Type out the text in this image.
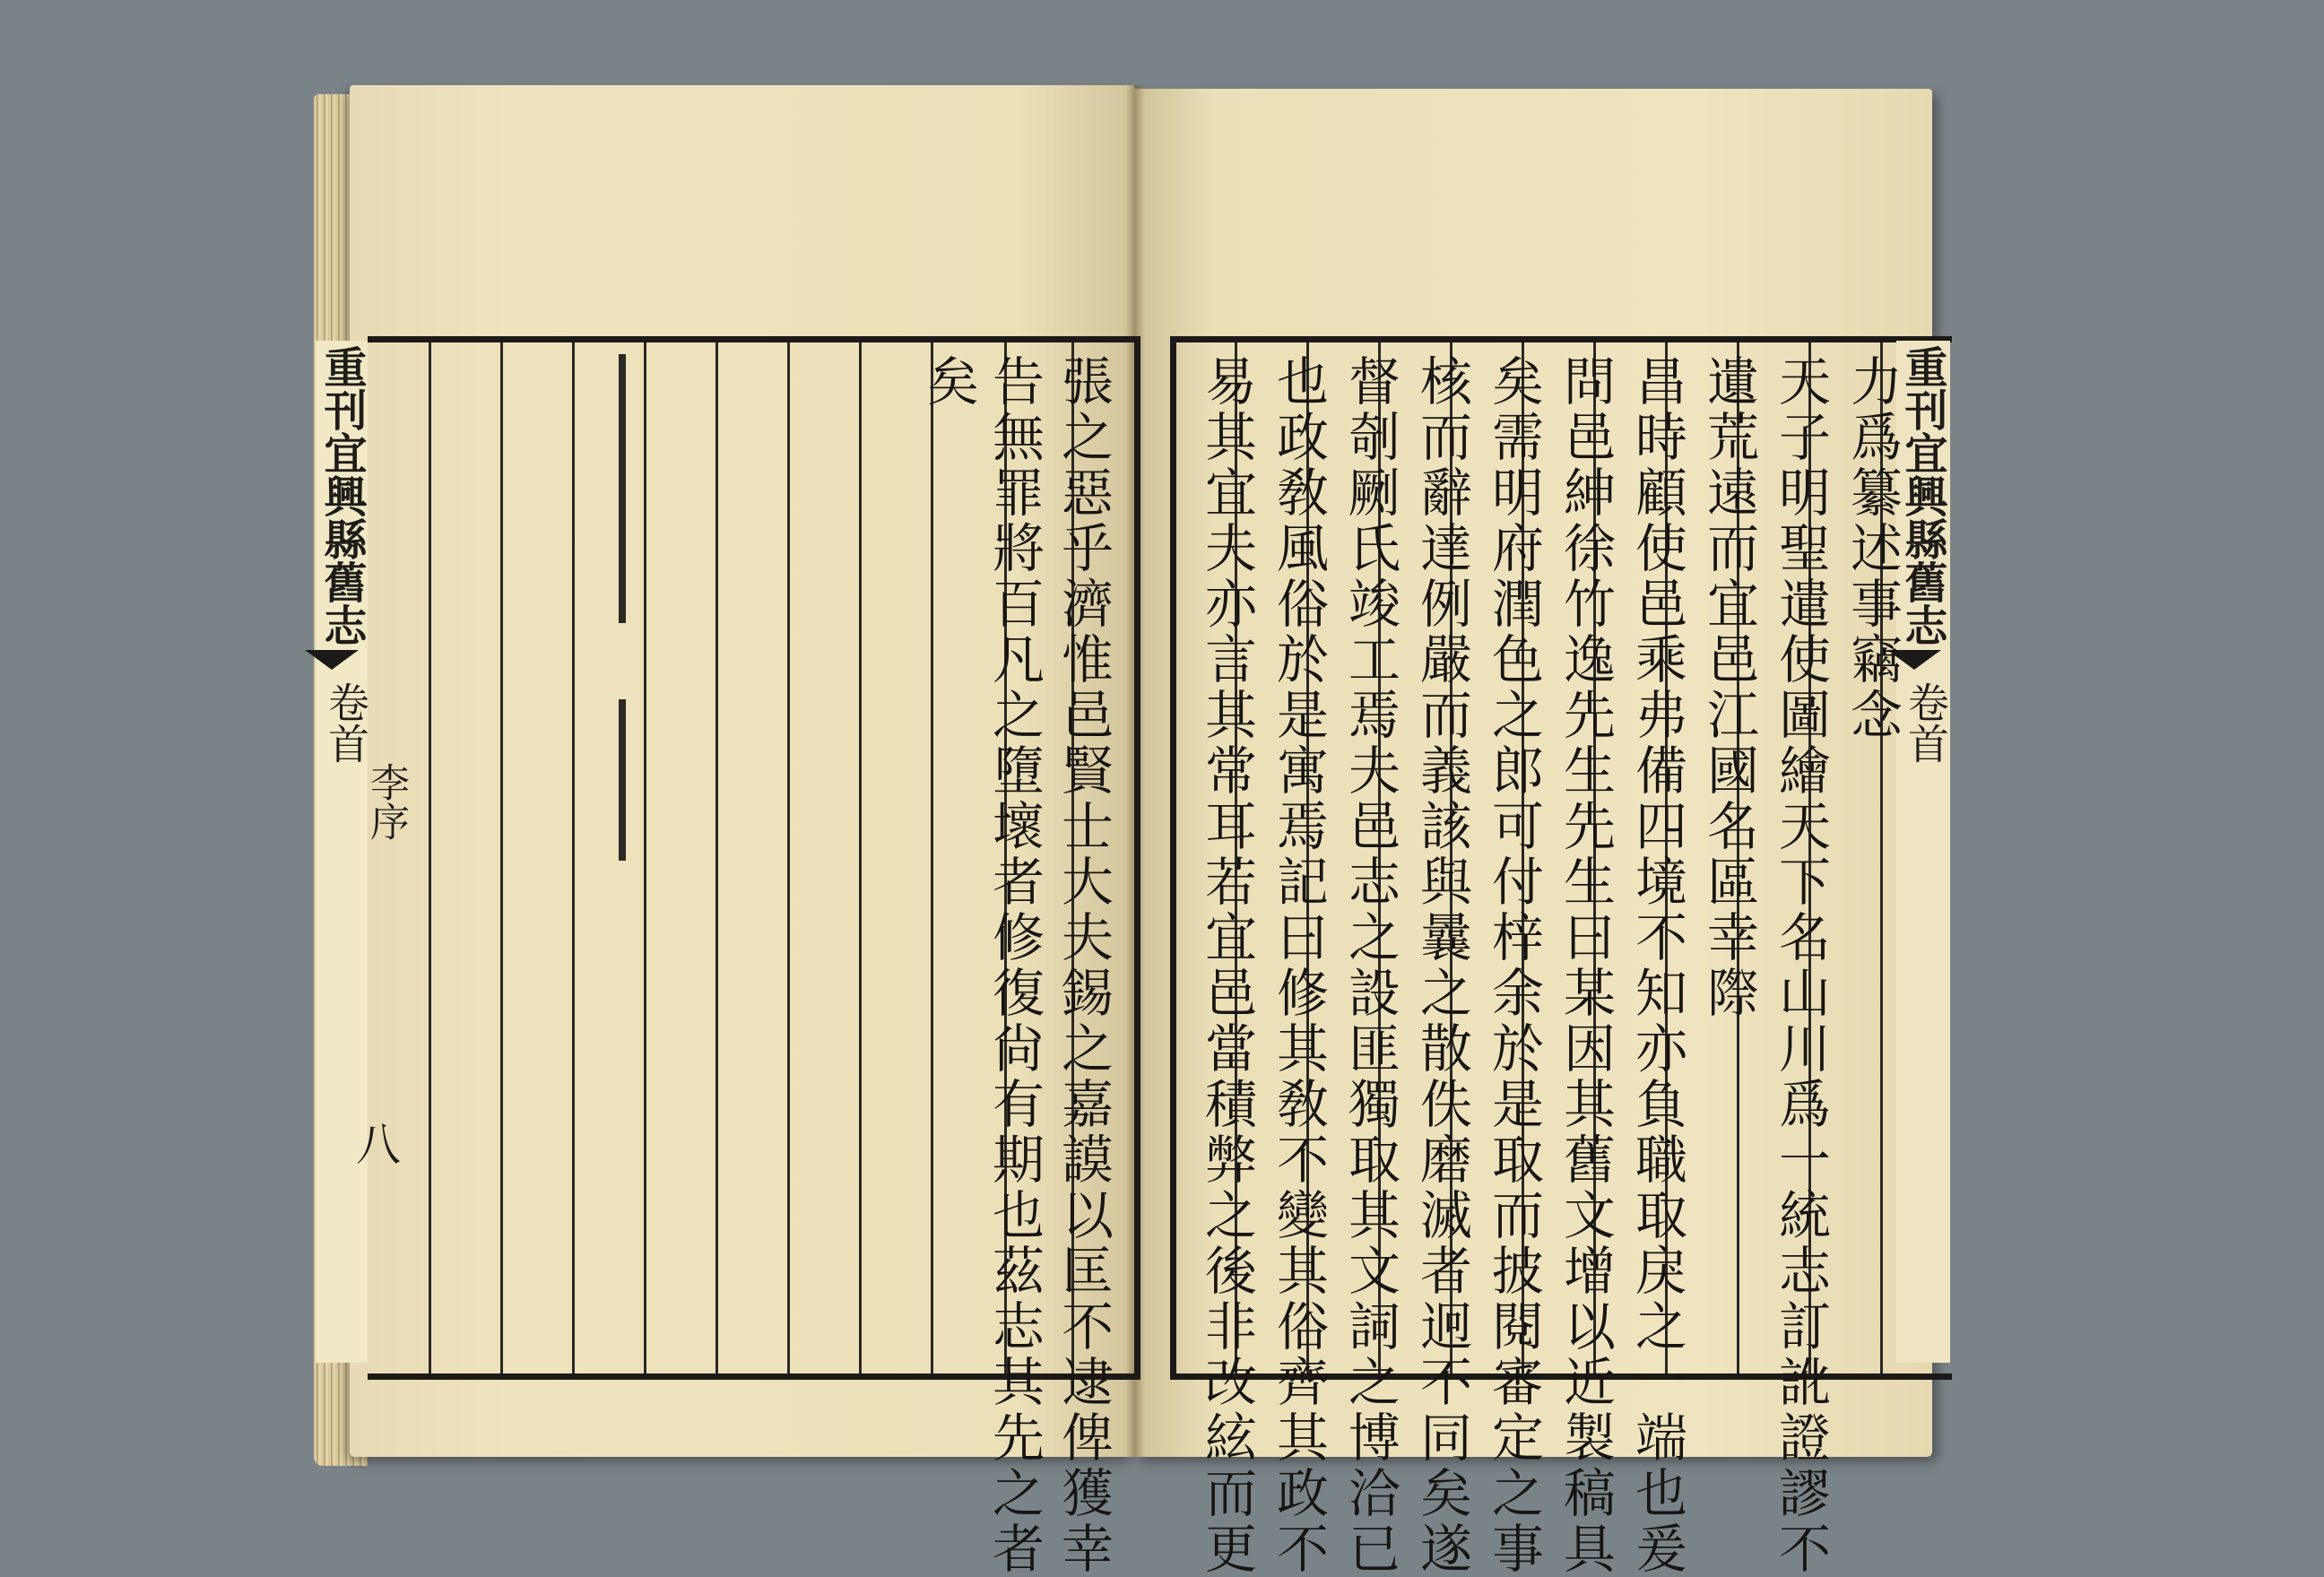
重刊宜興縣舊志
卷首
李序
八	張之惡乎濟惟邑賢士大夫錫之嘉謨以匡不逮俾獲幸
告無罪將百凡之墮壞者修復尙有期也茲志其先之者
矣	重刊宜興縣舊志
卷首
力爲纂述事竊念
天子明聖遣使圖繪天下名山川爲一統志訂訛證謬不
遺荒遠而宜邑江國名區幸際
昌時顧使邑乘弗備四境不知亦負職取戾之一端也爰
問邑紳徐竹逸先生先生曰某因其舊文增以近製稿具
矣需明府潤色之郎可付梓余於是取而披閱審定之事
核而辭達例嚴而義該與曩之散佚磨滅者迥不同矣遂
督剞劂氏竣工焉夫邑志之設匪獨取其文詞之博洽已
也政敎風俗於是寓焉記曰修其敎不變其俗齊其政不
易其宜夫亦言其常耳若宜邑當積弊之後非改絃而更
